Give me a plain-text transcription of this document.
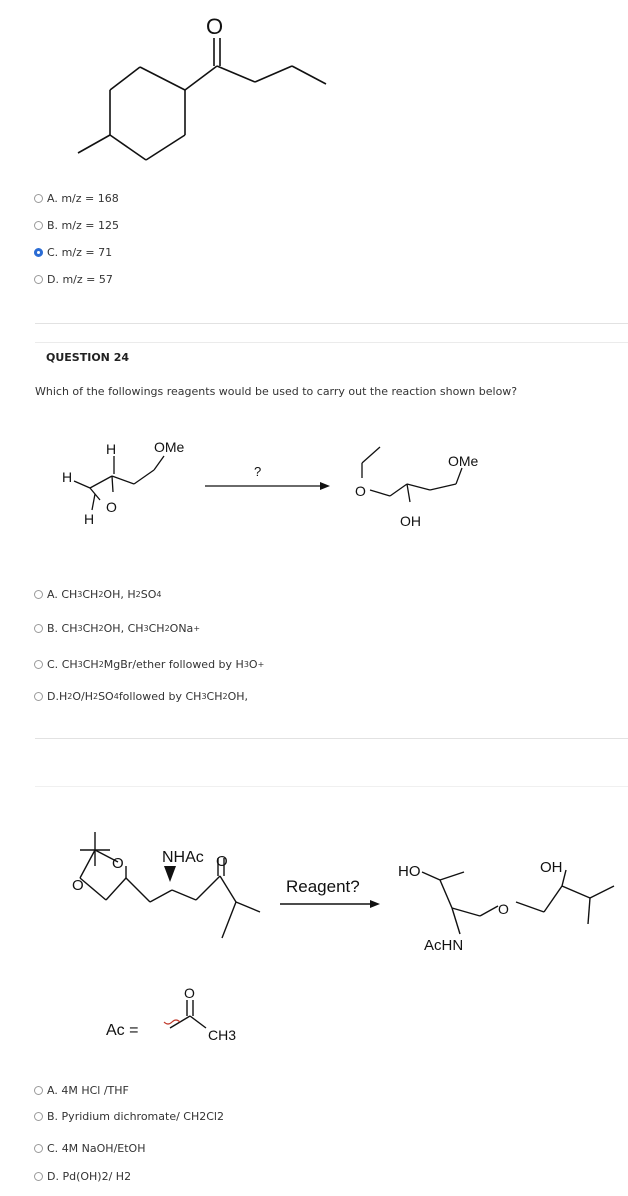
O
A. m/z = 168
B. m/z = 125
C. m/z = 71
D. m/z = 57
QUESTION 24
Which of the followings reagents would be used to carry out the reaction shown below?
H	OMe
H
H
O
?
O
OMe
OH
A.
CH 3 CH 2 OH, H 2 SO 4
B.
CH 3 CH 2 OH, CH 3 CH 2 O Na +
C.
CH 3 CH 2 MgBr/ether followed by H 3 O +
D. H 2 O/H 2 SO 4 followed by CH 3 CH 2 OH,
O
O
NHAc O
Reagent?
HO	OH
O
AcHN
Ac =
O
CH3
A.
4M HCl /THF
B.
Pyridium dichromate/ CH2Cl2
C.
4M NaOH/EtOH
D.
Pd(OH)2/ H2
